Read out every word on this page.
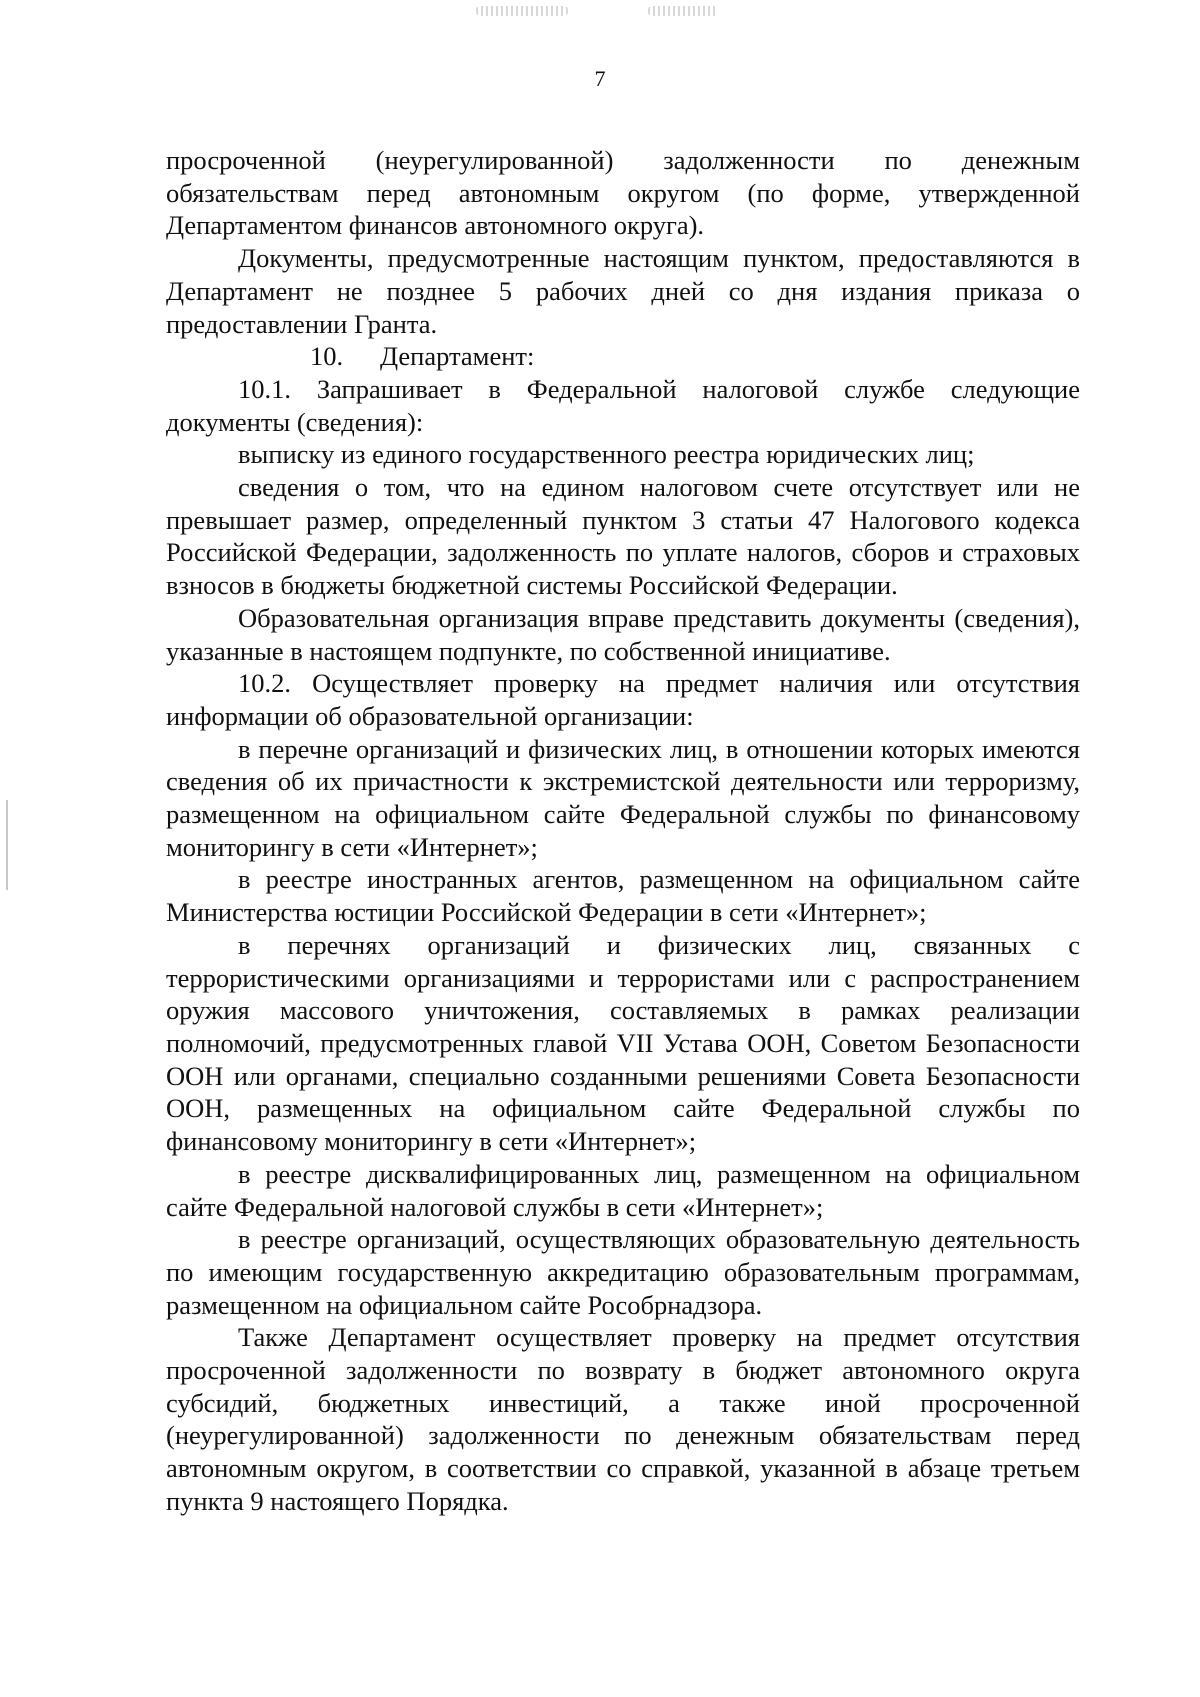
7

просроченной (неурегулированной) задолженности по денежным обязательствам перед автономным округом (по форме, утвержденной Департаментом финансов автономного округа).

Документы, предусмотренные настоящим пунктом, предоставляются в Департамент не позднее 5 рабочих дней со дня издания приказа о предоставлении Гранта.

10. Департамент:

10.1. Запрашивает в Федеральной налоговой службе следующие документы (сведения):

выписку из единого государственного реестра юридических лиц;

сведения о том, что на едином налоговом счете отсутствует или не превышает размер, определенный пунктом 3 статьи 47 Налогового кодекса Российской Федерации, задолженность по уплате налогов, сборов и страховых взносов в бюджеты бюджетной системы Российской Федерации.

Образовательная организация вправе представить документы (сведения), указанные в настоящем подпункте, по собственной инициативе.

10.2. Осуществляет проверку на предмет наличия или отсутствия информации об образовательной организации:

в перечне организаций и физических лиц, в отношении которых имеются сведения об их причастности к экстремистской деятельности или терроризму, размещенном на официальном сайте Федеральной службы по финансовому мониторингу в сети «Интернет»;

в реестре иностранных агентов, размещенном на официальном сайте Министерства юстиции Российской Федерации в сети «Интернет»;

в перечнях организаций и физических лиц, связанных с террористическими организациями и террористами или с распространением оружия массового уничтожения, составляемых в рамках реализации полномочий, предусмотренных главой VII Устава ООН, Советом Безопасности ООН или органами, специально созданными решениями Совета Безопасности ООН, размещенных на официальном сайте Федеральной службы по финансовому мониторингу в сети «Интернет»;

в реестре дисквалифицированных лиц, размещенном на официальном сайте Федеральной налоговой службы в сети «Интернет»;

в реестре организаций, осуществляющих образовательную деятельность по имеющим государственную аккредитацию образовательным программам, размещенном на официальном сайте Рособрнадзора.

Также Департамент осуществляет проверку на предмет отсутствия просроченной задолженности по возврату в бюджет автономного округа субсидий, бюджетных инвестиций, а также иной просроченной (неурегулированной) задолженности по денежным обязательствам перед автономным округом, в соответствии со справкой, указанной в абзаце третьем пункта 9 настоящего Порядка.
